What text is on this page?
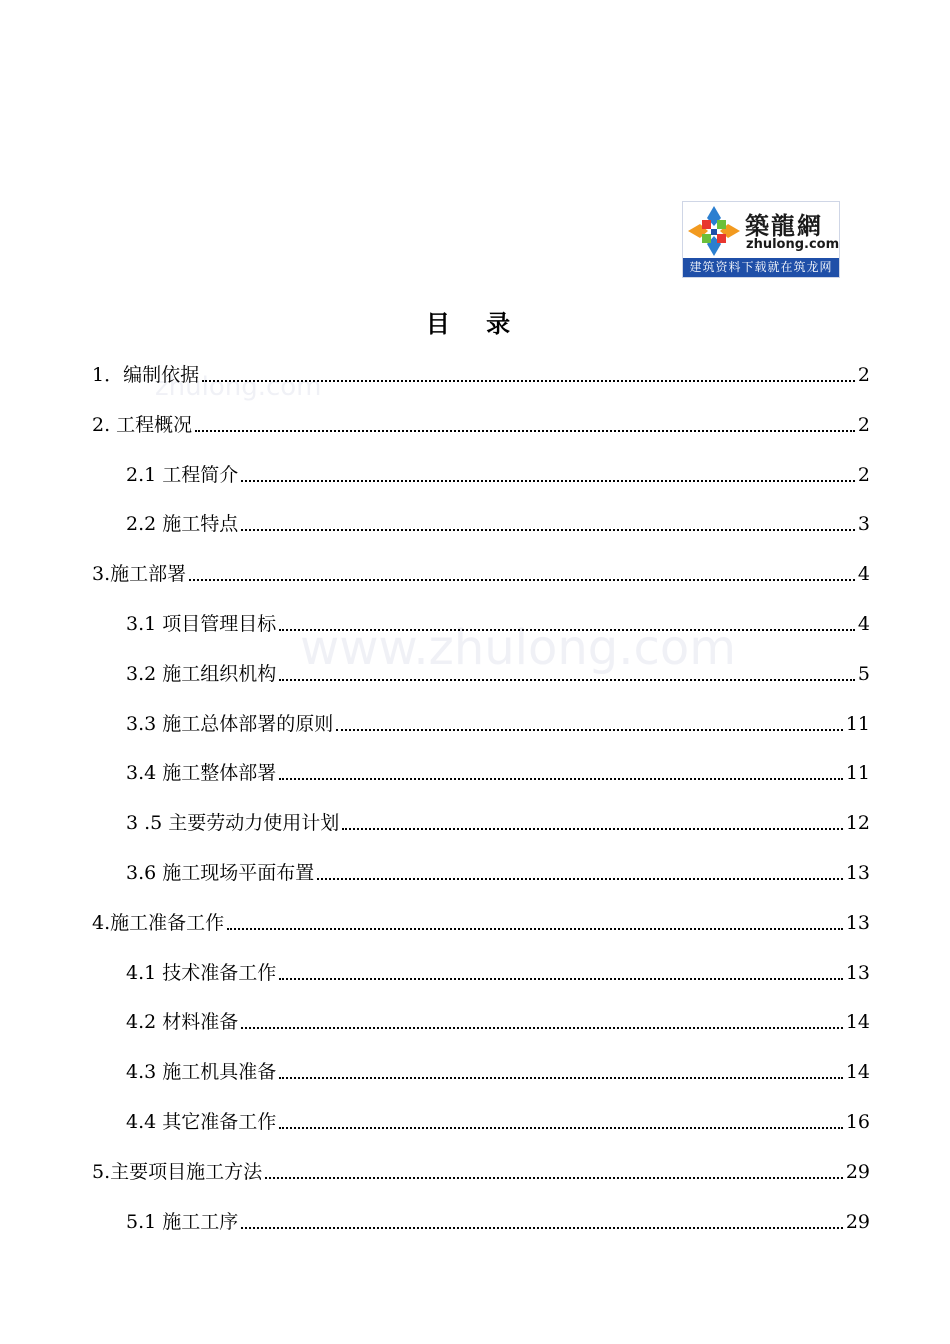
築龍網
zhulong.com
建筑资料下载就在筑龙网
zhulong.com
www.zhulong.com
目 录
1．编制依据	2
2. 工程概况	2
2.1 工程简介	2
2.2 施工特点	3
3.施工部署	4
3.1 项目管理目标	4
3.2 施工组织机构	5
3.3 施工总体部署的原则	11
3.4 施工整体部署	11
3 .5 主要劳动力使用计划	12
3.6 施工现场平面布置	13
4.施工准备工作	13
4.1 技术准备工作	13
4.2 材料准备	14
4.3 施工机具准备	14
4.4 其它准备工作	16
5.主要项目施工方法	29
5.1 施工工序	29
